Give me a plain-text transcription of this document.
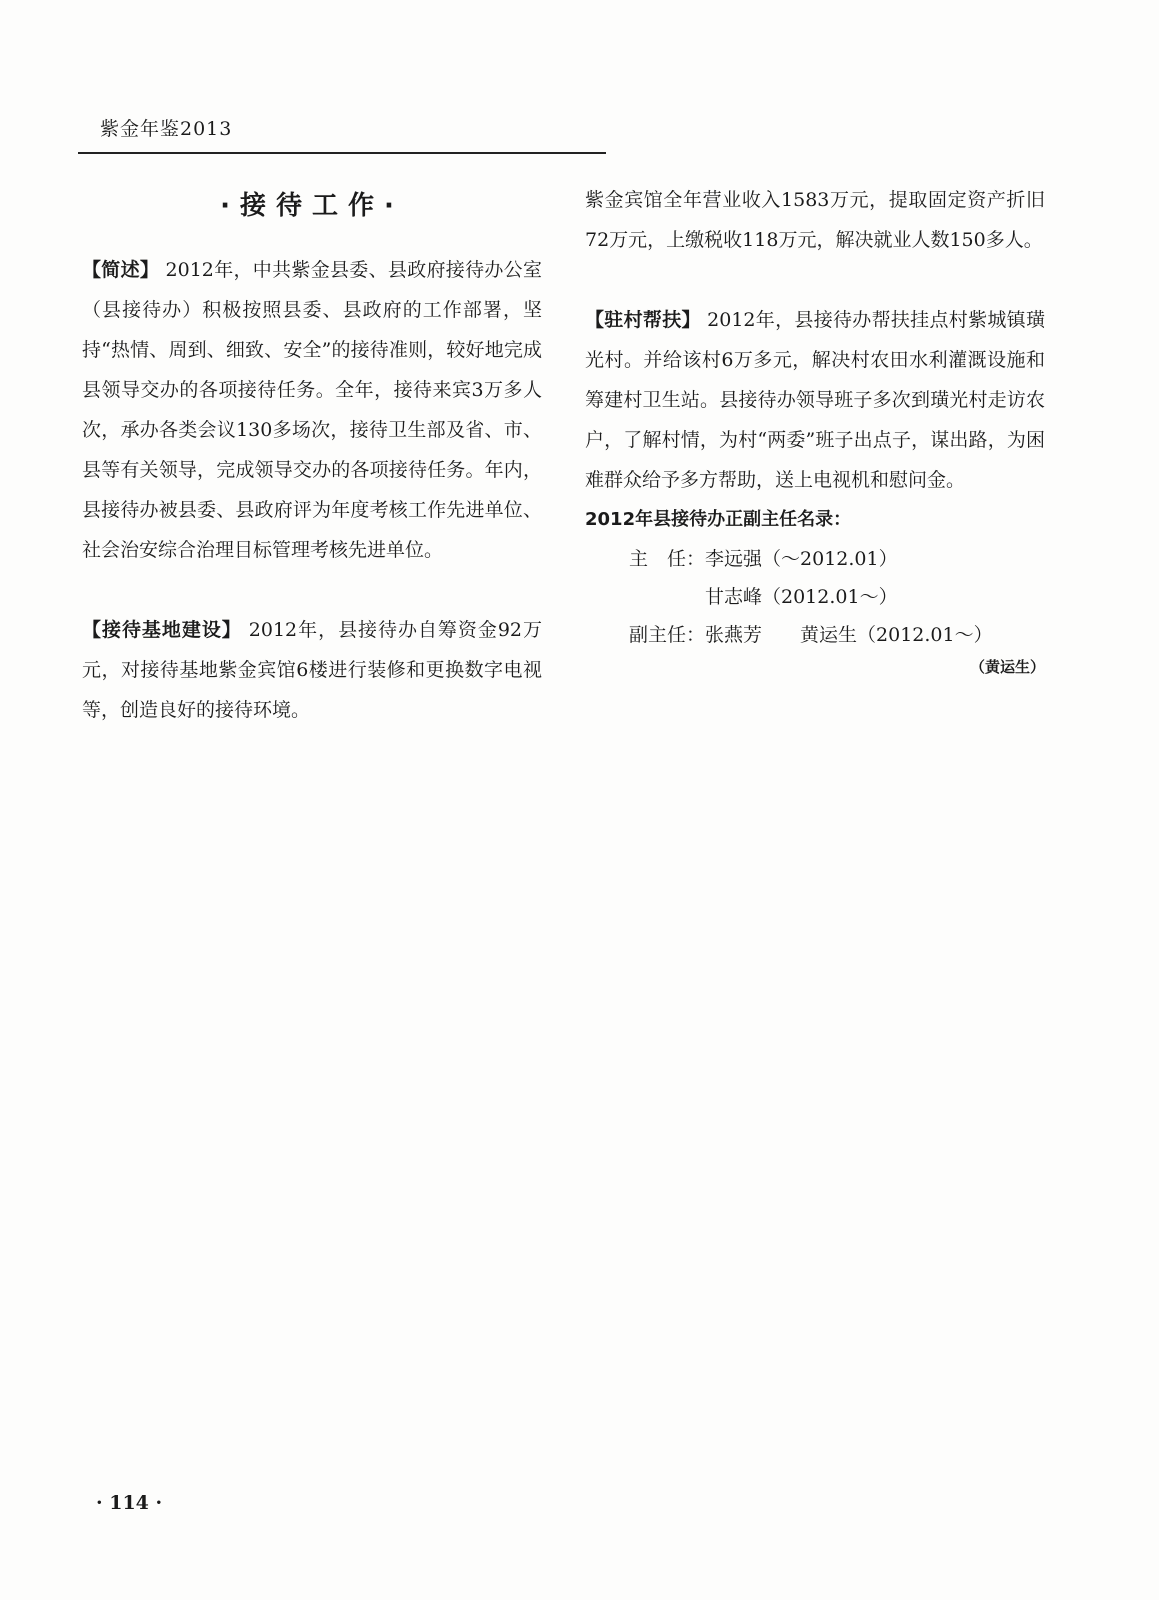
紫金年鉴2013
·接待工作·

【简述】 2012年，中共紫金县委、县政府接待办公室（县接待办）积极按照县委、县政府的工作部署，坚持“热情、周到、细致、安全”的接待准则，较好地完成县领导交办的各项接待任务。全年，接待来宾3万多人次，承办各类会议130多场次，接待卫生部及省、市、县等有关领导，完成领导交办的各项接待任务。年内，县接待办被县委、县政府评为年度考核工作先进单位、社会治安综合治理目标管理考核先进单位。

【接待基地建设】 2012年，县接待办自筹资金92万元，对接待基地紫金宾馆6楼进行装修和更换数字电视等，创造良好的接待环境。

紫金宾馆全年营业收入1583万元，提取固定资产折旧72万元，上缴税收118万元，解决就业人数150多人。

【驻村帮扶】 2012年，县接待办帮扶挂点村紫城镇璜光村。并给该村6万多元，解决村农田水利灌溉设施和筹建村卫生站。县接待办领导班子多次到璜光村走访农户，了解村情，为村“两委”班子出点子，谋出路，为困难群众给予多方帮助，送上电视机和慰问金。

2012年县接待办正副主任名录：

主　任：李远强（～2012.01）

甘志峰（2012.01～）

副主任：张燕芳　　黄运生（2012.01～）

（黄运生）
· 114 ·
